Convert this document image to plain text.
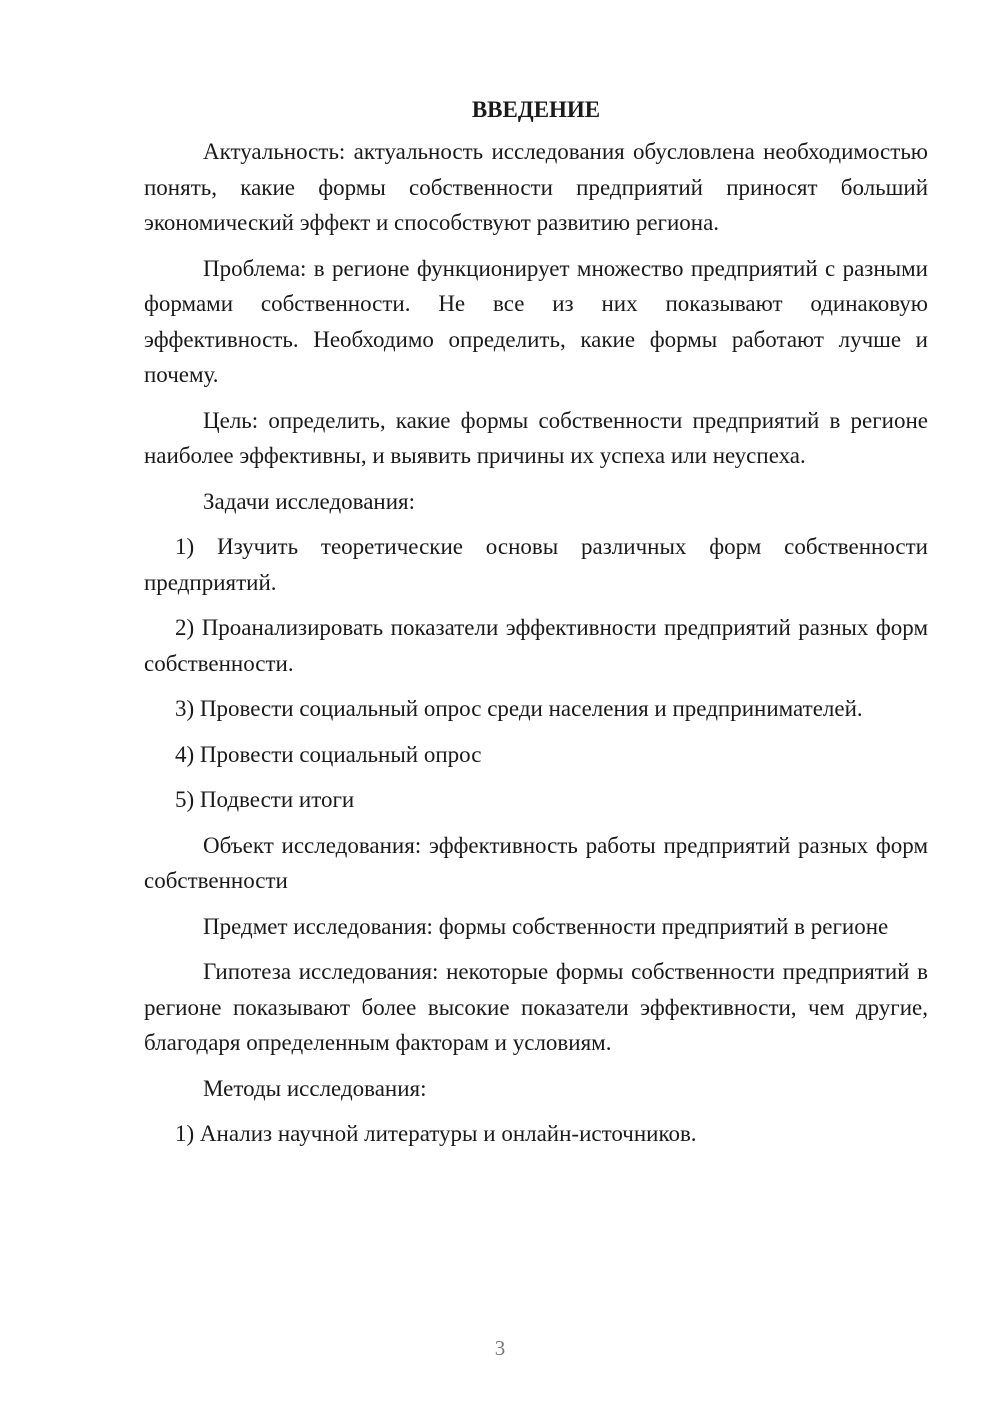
ВВЕДЕНИЕ

Актуальность: актуальность исследования обусловлена необходимостью понять, какие формы собственности предприятий приносят больший экономический эффект и способствуют развитию региона.

Проблема: в регионе функционирует множество предприятий с разными формами собственности. Не все из них показывают одинаковую эффективность. Необходимо определить, какие формы работают лучше и почему.

Цель: определить, какие формы собственности предприятий в регионе наиболее эффективны, и выявить причины их успеха или неуспеха.

Задачи исследования:

1) Изучить теоретические основы различных форм собственности предприятий.

2) Проанализировать показатели эффективности предприятий разных форм собственности.

3) Провести социальный опрос среди населения и предпринимателей.

4) Провести социальный опрос

5) Подвести итоги

Объект исследования: эффективность работы предприятий разных форм собственности

Предмет исследования: формы собственности предприятий в регионе

Гипотеза исследования: некоторые формы собственности предприятий в регионе показывают более высокие показатели эффективности, чем другие, благодаря определенным факторам и условиям.

Методы исследования:

1) Анализ научной литературы и онлайн-источников.

3
